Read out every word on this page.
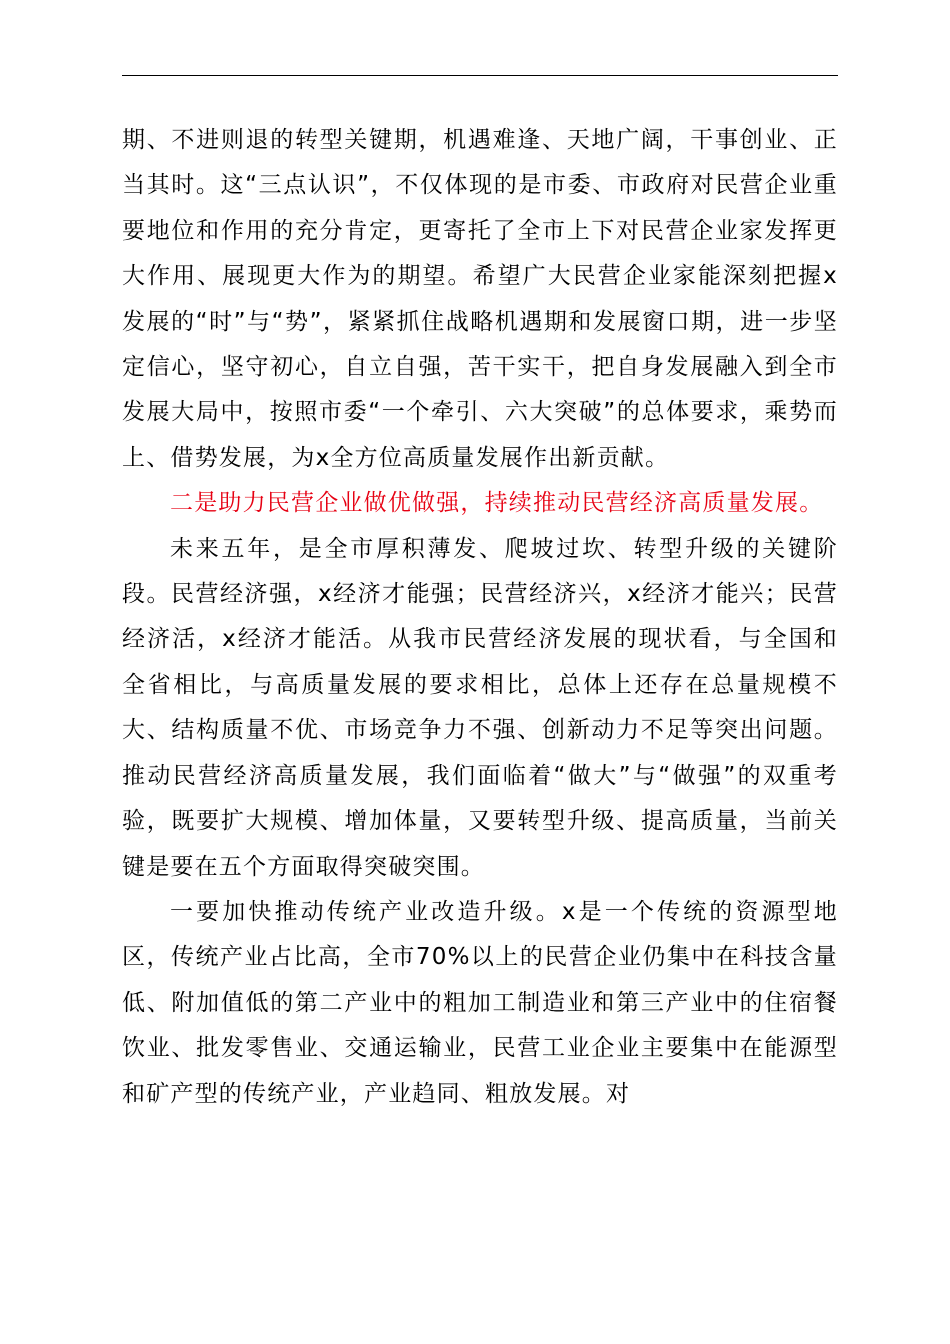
期、不进则退的转型关键期，机遇难逢、天地广阔，干事创业、正当其时。这“三点认识”，不仅体现的是市委、市政府对民营企业重要地位和作用的充分肯定，更寄托了全市上下对民营企业家发挥更大作用、展现更大作为的期望。希望广大民营企业家能深刻把握x发展的“时”与“势”，紧紧抓住战略机遇期和发展窗口期，进一步坚定信心，坚守初心，自立自强，苦干实干，把自身发展融入到全市发展大局中，按照市委“一个牵引、六大突破”的总体要求，乘势而上、借势发展，为x全方位高质量发展作出新贡献。

二是助力民营企业做优做强，持续推动民营经济高质量发展。

未来五年，是全市厚积薄发、爬坡过坎、转型升级的关键阶段。民营经济强，x经济才能强；民营经济兴，x经济才能兴；民营经济活，x经济才能活。从我市民营经济发展的现状看，与全国和全省相比，与高质量发展的要求相比，总体上还存在总量规模不大、结构质量不优、市场竞争力不强、创新动力不足等突出问题。推动民营经济高质量发展，我们面临着“做大”与“做强”的双重考验，既要扩大规模、增加体量，又要转型升级、提高质量，当前关键是要在五个方面取得突破突围。

一要加快推动传统产业改造升级。x是一个传统的资源型地区，传统产业占比高，全市70%以上的民营企业仍集中在科技含量低、附加值低的第二产业中的粗加工制造业和第三产业中的住宿餐饮业、批发零售业、交通运输业，民营工业企业主要集中在能源型和矿产型的传统产业，产业趋同、粗放发展。对
